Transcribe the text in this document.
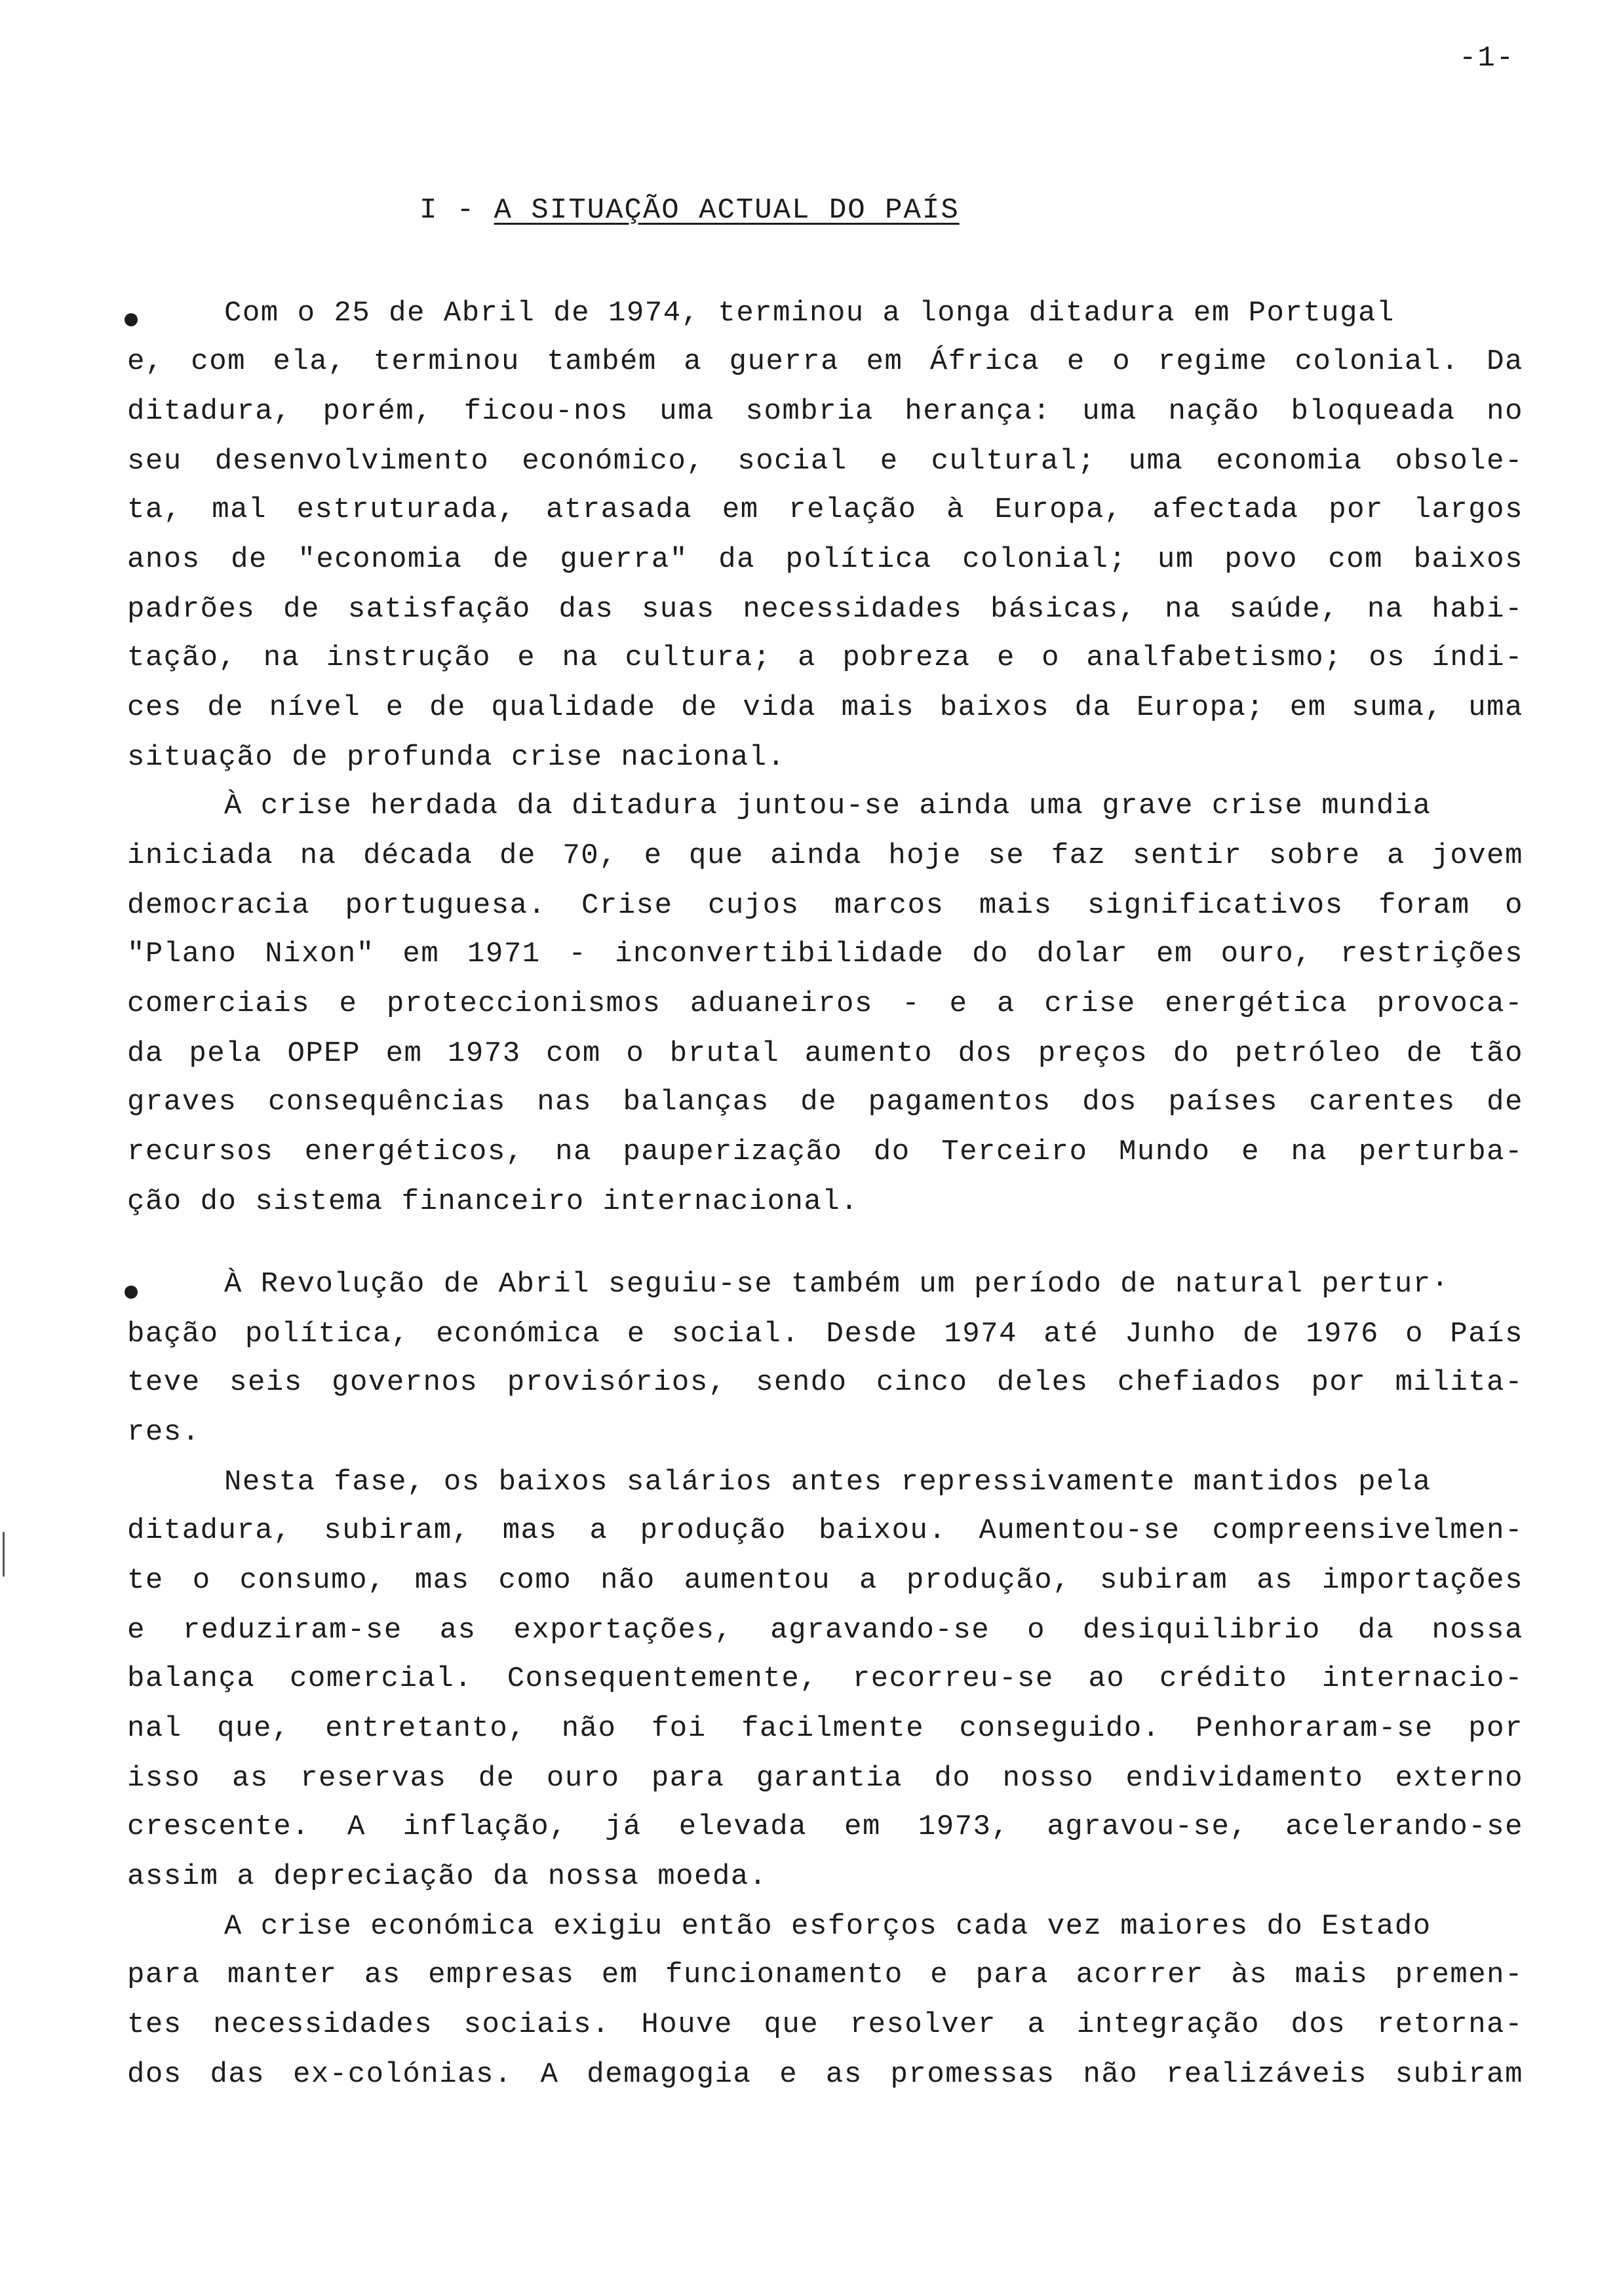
-1-
I - A SITUAÇÃO ACTUAL DO PAÍS
Com o 25 de Abril de 1974, terminou a longa ditadura em Portugal
e, com ela, terminou também a guerra em África e o regime colonial. Da
ditadura, porém, ficou-nos uma sombria herança: uma nação bloqueada no
seu desenvolvimento económico, social e cultural; uma economia obsole-
ta, mal estruturada, atrasada em relação à Europa, afectada por largos
anos de "economia de guerra" da política colonial; um povo com baixos
padrões de satisfação das suas necessidades básicas, na saúde, na habi-
tação, na instrução e na cultura; a pobreza e o analfabetismo; os índi-
ces de nível e de qualidade de vida mais baixos da Europa; em suma, uma
situação de profunda crise nacional.
À crise herdada da ditadura juntou-se ainda uma grave crise mundia
iniciada na década de 70, e que ainda hoje se faz sentir sobre a jovem
democracia portuguesa. Crise cujos marcos mais significativos foram o
"Plano Nixon" em 1971 - inconvertibilidade do dolar em ouro, restrições
comerciais e proteccionismos aduaneiros - e a crise energética provoca-
da pela OPEP em 1973 com o brutal aumento dos preços do petróleo de tão
graves consequências nas balanças de pagamentos dos países carentes de
recursos energéticos, na pauperização do Terceiro Mundo e na perturba-
ção do sistema financeiro internacional.
À Revolução de Abril seguiu-se também um período de natural pertur·
bação política, económica e social. Desde 1974 até Junho de 1976 o País
teve seis governos provisórios, sendo cinco deles chefiados por milita-
res.
Nesta fase, os baixos salários antes repressivamente mantidos pela
ditadura, subiram, mas a produção baixou. Aumentou-se compreensivelmen-
te o consumo, mas como não aumentou a produção, subiram as importações
e reduziram-se as exportações, agravando-se o desiquilibrio da nossa
balança comercial. Consequentemente, recorreu-se ao crédito internacio-
nal que, entretanto, não foi facilmente conseguido. Penhoraram-se por
isso as reservas de ouro para garantia do nosso endividamento externo
crescente. A inflação, já elevada em 1973, agravou-se, acelerando-se
assim a depreciação da nossa moeda.
A crise económica exigiu então esforços cada vez maiores do Estado
para manter as empresas em funcionamento e para acorrer às mais premen-
tes necessidades sociais. Houve que resolver a integração dos retorna-
dos das ex-colónias. A demagogia e as promessas não realizáveis subiram
